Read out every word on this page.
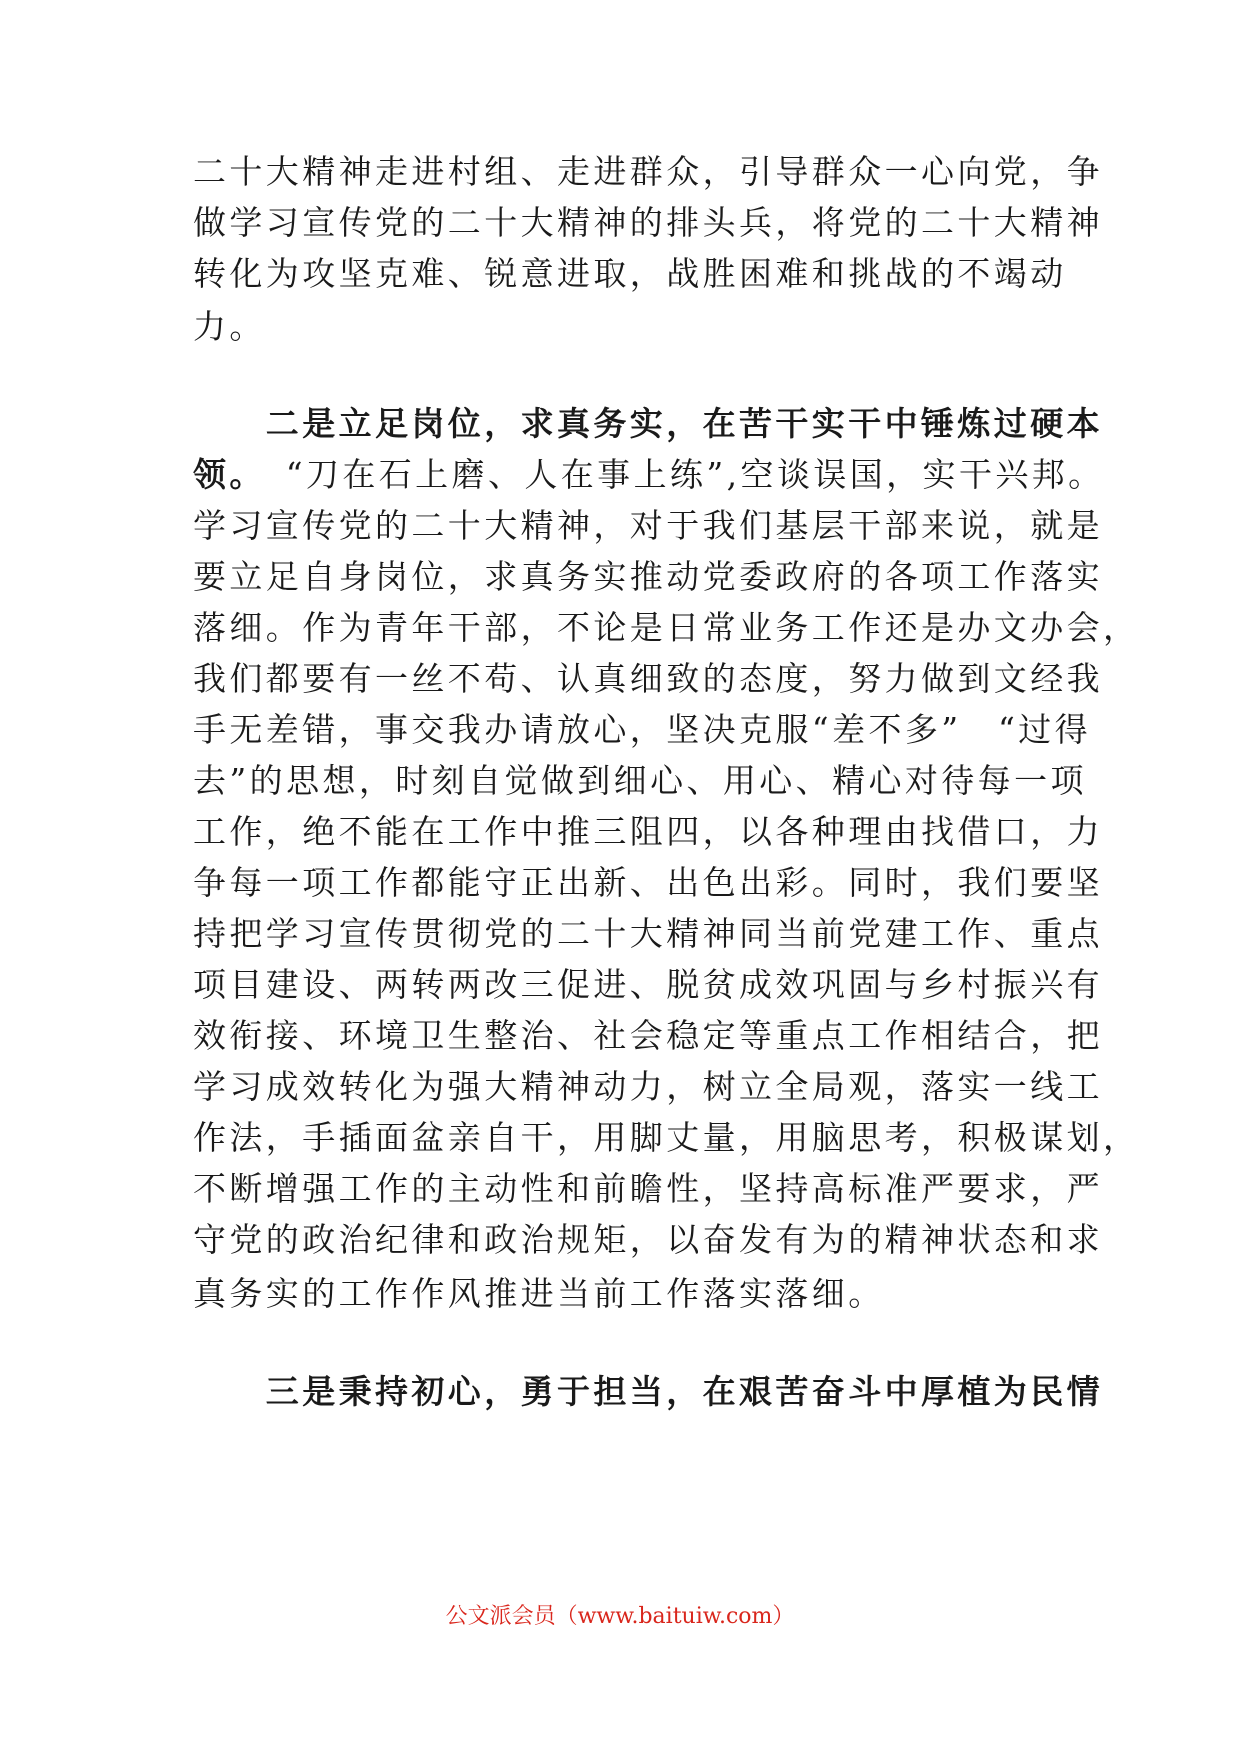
二十大精神走进村组、走进群众，引导群众一心向党，争
做学习宣传党的二十大精神的排头兵，将党的二十大精神
转化为攻坚克难、锐意进取，战胜困难和挑战的不竭动
力。
　　二是立足岗位，求真务实，在苦干实干中锤炼过硬本
领。　“刀在石上磨、人在事上练”,空谈误国，实干兴邦。
学习宣传党的二十大精神，对于我们基层干部来说，就是
要立足自身岗位，求真务实推动党委政府的各项工作落实
落细。作为青年干部，不论是日常业务工作还是办文办会，
我们都要有一丝不苟、认真细致的态度，努力做到文经我
手无差错，事交我办请放心，坚决克服“差不多”　“过得
去”的思想，时刻自觉做到细心、用心、精心对待每一项
工作，绝不能在工作中推三阻四，以各种理由找借口，力
争每一项工作都能守正出新、出色出彩。同时，我们要坚
持把学习宣传贯彻党的二十大精神同当前党建工作、重点
项目建设、两转两改三促进、脱贫成效巩固与乡村振兴有
效衔接、环境卫生整治、社会稳定等重点工作相结合，把
学习成效转化为强大精神动力，树立全局观，落实一线工
作法，手插面盆亲自干，用脚丈量，用脑思考，积极谋划，
不断增强工作的主动性和前瞻性，坚持高标准严要求，严
守党的政治纪律和政治规矩，以奋发有为的精神状态和求
真务实的工作作风推进当前工作落实落细。
　　三是秉持初心，勇于担当，在艰苦奋斗中厚植为民情
公文派会员（www.baituiw.com）
